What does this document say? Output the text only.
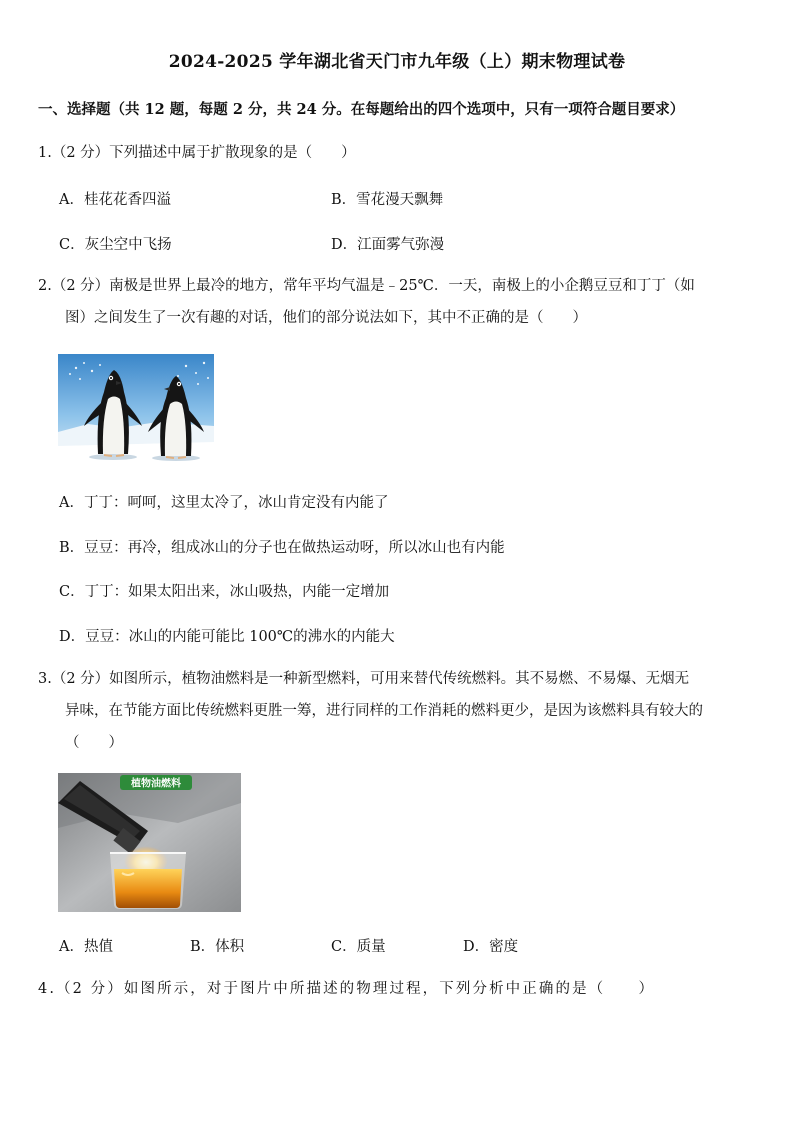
2024-2025 学年湖北省天门市九年级（上）期末物理试卷
一、选择题（共 12 题，每题 2 分，共 24 分。在每题给出的四个选项中，只有一项符合题目要求）
1.（2 分）下列描述中属于扩散现象的是（　　）
A．桂花花香四溢	B．雪花漫天飘舞
C．灰尘空中飞扬	D．江面雾气弥漫
2.（2 分）南极是世界上最冷的地方，常年平均气温是﹣25℃．一天，南极上的小企鹅豆豆和丁丁（如
图）之间发生了一次有趣的对话，他们的部分说法如下，其中不正确的是（　　）
A．丁丁：呵呵，这里太冷了，冰山肯定没有内能了
B．豆豆：再冷，组成冰山的分子也在做热运动呀，所以冰山也有内能
C．丁丁：如果太阳出来，冰山吸热，内能一定增加
D．豆豆：冰山的内能可能比 100℃的沸水的内能大
3.（2 分）如图所示，植物油燃料是一种新型燃料，可用来替代传统燃料。其不易燃、不易爆、无烟无
异味，在节能方面比传统燃料更胜一筹，进行同样的工作消耗的燃料更少，是因为该燃料具有较大的
（　　）
植物油燃料
A．热值	B．体积	C．质量	D．密度
4.（2 分）如图所示，对于图片中所描述的物理过程，下列分析中正确的是（　　）
